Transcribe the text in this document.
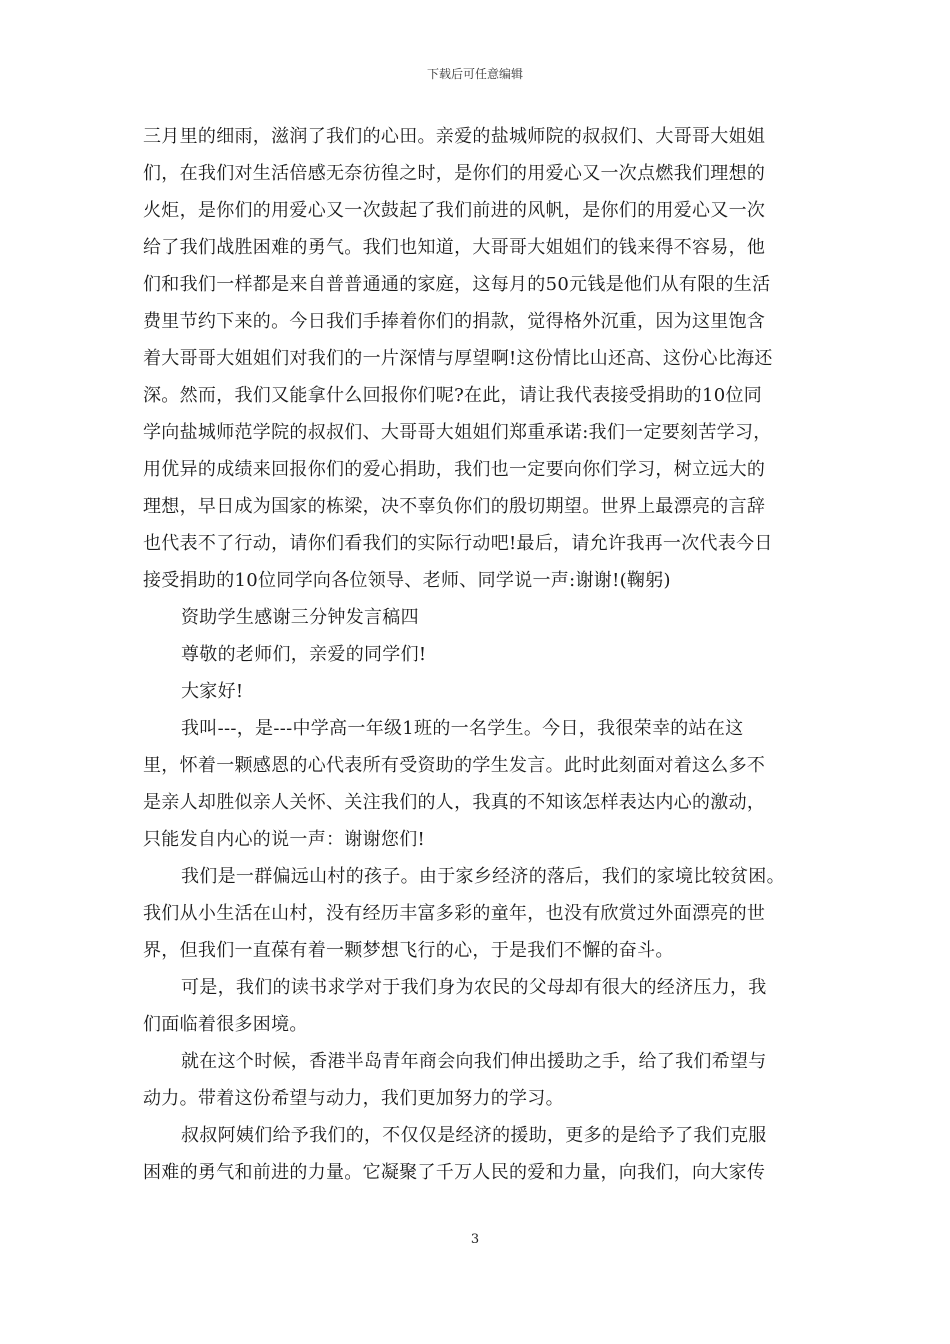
下载后可任意编辑
三月里的细雨，滋润了我们的心田。亲爱的盐城师院的叔叔们、大哥哥大姐姐
们，在我们对生活倍感无奈彷徨之时，是你们的用爱心又一次点燃我们理想的
火炬，是你们的用爱心又一次鼓起了我们前进的风帆，是你们的用爱心又一次
给了我们战胜困难的勇气。我们也知道，大哥哥大姐姐们的钱来得不容易，他
们和我们一样都是来自普普通通的家庭，这每月的50元钱是他们从有限的生活
费里节约下来的。今日我们手捧着你们的捐款，觉得格外沉重，因为这里饱含
着大哥哥大姐姐们对我们的一片深情与厚望啊!这份情比山还高、这份心比海还
深。然而，我们又能拿什么回报你们呢?在此，请让我代表接受捐助的10位同
学向盐城师范学院的叔叔们、大哥哥大姐姐们郑重承诺:我们一定要刻苦学习，
用优异的成绩来回报你们的爱心捐助，我们也一定要向你们学习，树立远大的
理想，早日成为国家的栋梁，决不辜负你们的殷切期望。世界上最漂亮的言辞
也代表不了行动，请你们看我们的实际行动吧!最后，请允许我再一次代表今日
接受捐助的10位同学向各位领导、老师、同学说一声:谢谢!(鞠躬)
资助学生感谢三分钟发言稿四
尊敬的老师们，亲爱的同学们!
大家好!
我叫---，是---中学高一年级1班的一名学生。今日，我很荣幸的站在这
里，怀着一颗感恩的心代表所有受资助的学生发言。此时此刻面对着这么多不
是亲人却胜似亲人关怀、关注我们的人，我真的不知该怎样表达内心的激动，
只能发自内心的说一声：谢谢您们!
我们是一群偏远山村的孩子。由于家乡经济的落后，我们的家境比较贫困。
我们从小生活在山村，没有经历丰富多彩的童年，也没有欣赏过外面漂亮的世
界，但我们一直葆有着一颗梦想飞行的心，于是我们不懈的奋斗。
可是，我们的读书求学对于我们身为农民的父母却有很大的经济压力，我
们面临着很多困境。
就在这个时候，香港半岛青年商会向我们伸出援助之手，给了我们希望与
动力。带着这份希望与动力，我们更加努力的学习。
叔叔阿姨们给予我们的，不仅仅是经济的援助，更多的是给予了我们克服
困难的勇气和前进的力量。它凝聚了千万人民的爱和力量，向我们，向大家传
3
